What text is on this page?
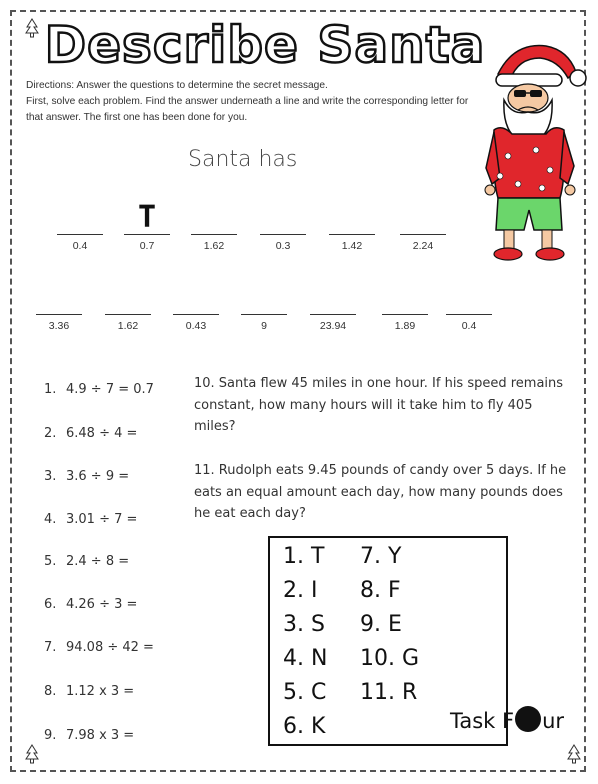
Describe Santa
Directions: Answer the questions to determine the secret message.
First, solve each problem. Find the answer underneath a line and write the corresponding letter for that answer. The first one has been done for you.
Santa has
0.4
T
0.7	1.62	0.3	1.42	2.24
3.36	1.62	0.43	9	23.94	1.89	0.4
1. 4.9 ÷ 7 = 0.7
2. 6.48 ÷ 4 =
3. 3.6 ÷ 9 =
4. 3.01 ÷ 7 =
5. 2.4 ÷ 8 =
6. 4.26 ÷ 3 =
7. 94.08 ÷ 42 =
8. 1.12 x 3 =
9. 7.98 x 3 =
10. Santa flew 45 miles in one hour. If his speed remains constant, how many hours will it take him to fly 405 miles?
11. Rudolph eats 9.45 pounds of candy over 5 days. If he eats an equal amount each day, how many pounds does he eat each day?
1. T
2. I
3. S
4. N
5. C
6. K
7. Y
8. F
9. E
10. G
11. R
Task F ur
